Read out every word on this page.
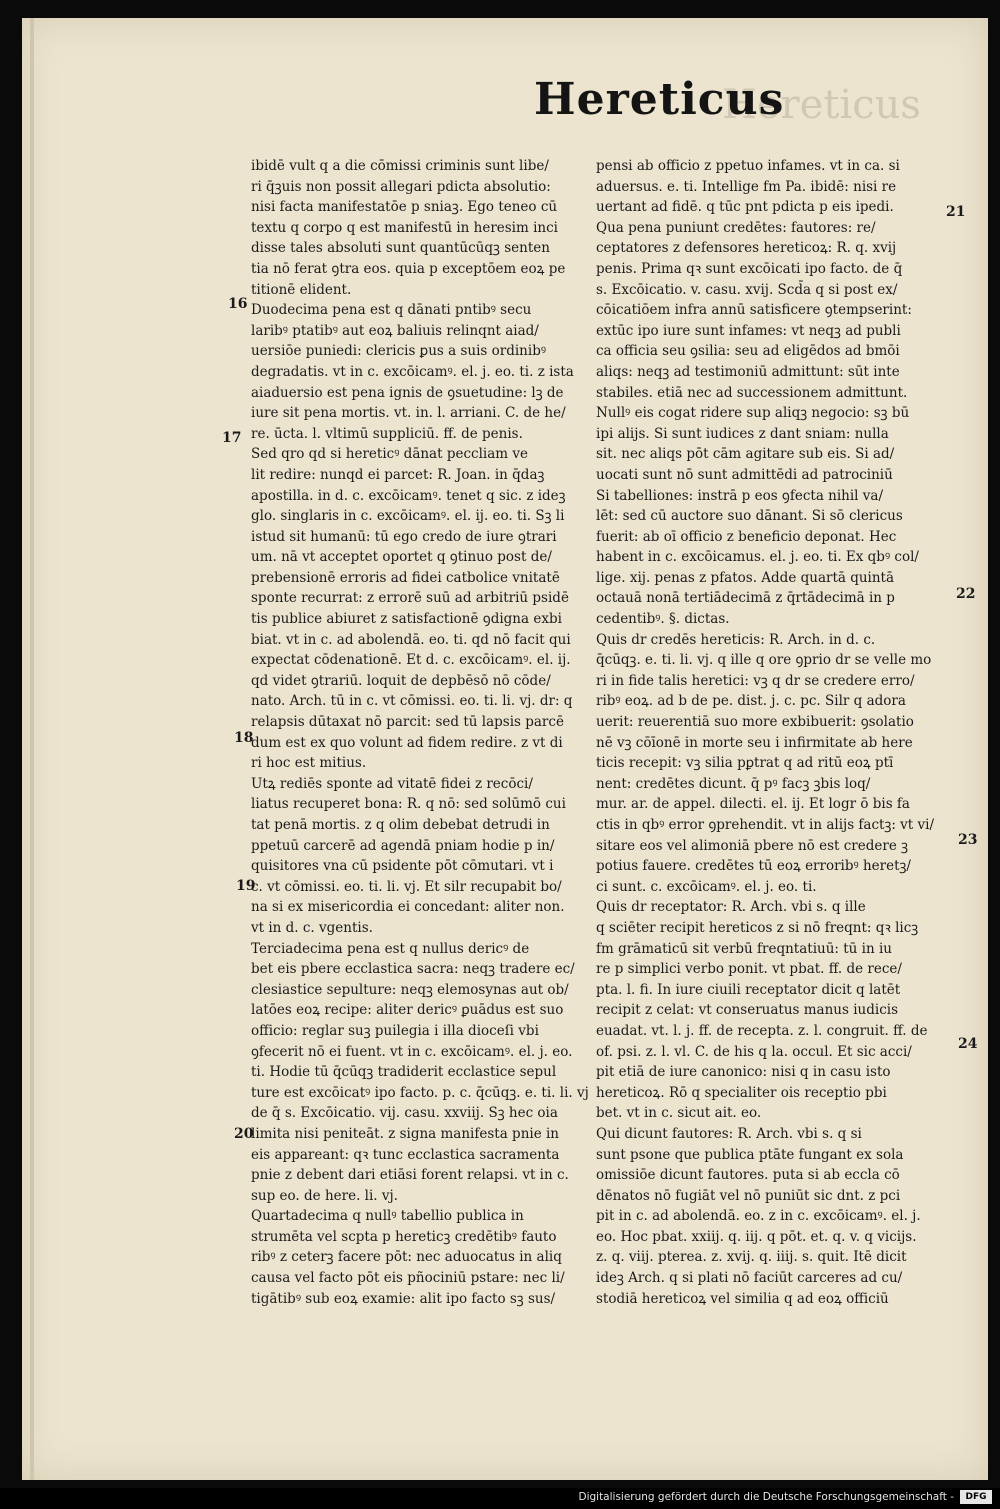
Hereticus
Hereticus
ibidē vult q a die cōmissi criminis sunt libe/
ri q̄ꝫuis non possit allegari pdicta absolutio:
nisi facta manifestatōe p sniaꝫ. Ego teneo cū
textu q corpo q est manifestū in heresim inci
disse tales absoluti sunt quantūcūqꝫ senten
tia nō ferat ꝯtra eos. quia p exceptōem eoꝝ pe
titionē elident.
Duodecima pena est q dānati pntibꝰ secu
laribꝰ ptatibꝰ aut eoꝝ baliuis relinqnt aiad/
uersiōe puniedi: clericis ꝑus a suis ordinibꝰ
degradatis. vt in c. excōicamꝰ. el. j. eo. ti. z ista
aiaduersio est pena ignis de ꝯsuetudine: lꝫ de
iure sit pena mortis. vt. in. l. arriani. C. de he/
re. ūcta. l. vltimū suppliciū. ff. de penis.
Sed qro qd si hereticꝰ dānat peccliam ve
lit redire: nunqd ei parcet: R. Joan. in q̄daꝫ
apostilla. in d. c. excōicamꝰ. tenet q sic. z ideꝫ
glo. singlaris in c. excōicamꝰ. el. ij. eo. ti. Sꝫ li
istud sit humanū: tū ego credo de iure ꝯtrari
um. nā vt acceptet oportet q ꝯtinuo post de/
prebensionē erroris ad fidei catbolice vnitatē
sponte recurrat: z errorē suū ad arbitriū psidē
tis publice abiuret z satisfactionē ꝯdigna exbi
biat. vt in c. ad abolendā. eo. ti. qd nō facit qui
expectat cōdenationē. Et d. c. excōicamꝰ. el. ij.
qd videt ꝯtrariū. loquit de depbēsō nō cōde/
nato. Arch. tū in c. vt cōmissi. eo. ti. li. vj. dr: q
relapsis dūtaxat nō parcit: sed tū lapsis parcē
dum est ex quo volunt ad fidem redire. z vt di
ri hoc est mitius.
Utꝝ rediēs sponte ad vitatē fidei z recōci/
liatus recuperet bona: R. q nō: sed solūmō cui
tat penā mortis. z q olim debebat detrudi in
ppetuū carcerē ad agendā pniam hodie p in/
quisitores vna cū psidente pōt cōmutari. vt i
c. vt cōmissi. eo. ti. li. vj. Et silr recupabit bo/
na si ex misericordia ei concedant: aliter non.
vt in d. c. vgentis.
Terciadecima pena est q nullus dericꝰ de
bet eis pbere ecclastica sacra: neqꝫ tradere ec/
clesiastice sepulture: neqꝫ elemosynas aut ob/
latōes eoꝝ recipe: aliter dericꝰ ꝑuādus est suo
officio: reglar suꝫ puilegia i illa dioceſi vbi
ꝯfecerit nō ei fuent. vt in c. excōicamꝰ. el. j. eo.
ti. Hodie tū q̄cūqꝫ tradiderit ecclastice sepul
ture est excōicatꝰ ipo facto. p. c. q̄cūqꝫ. e. ti. li. vj
de q̄ s. Excōicatio. vij. casu. xxviij. Sꝫ hec oia
limita nisi peniteāt. z signa manifesta pnie in
eis appareant: qꝛ tunc ecclastica sacramenta
pnie z debent dari etiāsi forent relapsi. vt in c.
sup eo. de here. li. vj.
Quartadecima q nullꝰ tabellio publica in
strumēta vel scpta p hereticꝫ credētibꝰ fauto
ribꝰ z ceterꝫ facere pōt: nec aduocatus in aliq
causa vel facto pōt eis pñociniū pstare: nec li/
tigātibꝰ sub eoꝝ examie: alit ipo facto sꝫ sus/
pensi ab officio z ppetuo infames. vt in ca. si
aduersus. e. ti. Intellige fm Pa. ibidē: nisi re
uertant ad fidē. q tūc pnt pdicta p eis ipedi.
Qua pena puniunt credētes: fautores: re/
ceptatores z defensores hereticoꝝ: R. q. xvij
penis. Prima qꝛ sunt excōicati ipo facto. de q̄
s. Excōicatio. v. casu. xvij. Scd̄a q si post ex/
cōicatiōem infra annū satisficere ꝯtempserint:
extūc ipo iure sunt infames: vt neqꝫ ad publi
ca officia seu ꝯsilia: seu ad eligēdos ad bmōi
aliqs: neqꝫ ad testimoniū admittunt: sūt inte
stabiles. etiā nec ad successionem admittunt.
Nullꝰ eis cogat ridere sup aliqꝫ negocio: sꝫ bū
ipi alijs. Si sunt iudices z dant sniam: nulla
sit. nec aliqs pōt cām agitare sub eis. Si ad/
uocati sunt nō sunt admittēdi ad patrociniū
Si tabelliones: instrā p eos ꝯfecta nihil va/
lēt: sed cū auctore suo dānant. Si sō clericus
fuerit: ab oī officio z beneficio deponat. Hec
habent in c. excōicamus. el. j. eo. ti. Ex qbꝰ col/
lige. xij. penas z pfatos. Adde quartā quintā
octauā nonā tertiādecimā z q̄rtādecimā in p
cedentibꝰ. §. dictas.
Quis dr credēs hereticis: R. Arch. in d. c.
q̄cūqꝫ. e. ti. li. vj. q ille q ore ꝯprio dr se velle mo
ri in fide talis heretici: vꝫ q dr se credere erro/
ribꝰ eoꝝ. ad b de pe. dist. j. c. pc. Silr q adora
uerit: reuerentiā suo more exbibuerit: ꝯsolatio
nē vꝫ cōīonē in morte seu i infirmitate ab here
ticis recepit: vꝫ silia pꝑtrat q ad ritū eoꝝ ptī
nent: credētes dicunt. q̄ pꝰ facꝫ ꝫbis loq/
mur. ar. de appel. dilecti. el. ij. Et logr ō bis fa
ctis in qbꝰ error ꝯprehendit. vt in alijs factꝫ: vt vi/
sitare eos vel alimoniā pbere nō est credere ꝫ
potius fauere. credētes tū eoꝝ erroribꝰ heretꝫ/
ci sunt. c. excōicamꝰ. el. j. eo. ti.
Quis dr receptator: R. Arch. vbi s. q ille
q sciēter recipit hereticos z si nō freqnt: qꝛ licꝫ
fm grāmaticū sit verbū freqntatiuū: tū in iu
re p simplici verbo ponit. vt pbat. ff. de rece/
pta. l. fi. In iure ciuili receptator dicit q latēt
recipit z celat: vt conseruatus manus iudicis
euadat. vt. l. j. ff. de recepta. z. l. congruit. ff. de
of. psi. z. l. vl. C. de his q la. occul. Et sic acci/
pit etiā de iure canonico: nisi q in casu isto
hereticoꝝ. Rō q specialiter ois receptio pbi
bet. vt in c. sicut ait. eo.
Qui dicunt fautores: R. Arch. vbi s. q si
sunt psone que publica ptāte fungant ex sola
omissiōe dicunt fautores. puta si ab eccla cō
dēnatos nō fugiāt vel nō puniūt sic dnt. z pci
pit in c. ad abolendā. eo. z in c. excōicamꝰ. el. j.
eo. Hoc pbat. xxiij. q. iij. q pōt. et. q. v. q vicijs.
z. q. viij. pterea. z. xvij. q. iiij. s. quit. Itē dicit
ideꝫ Arch. q si plati nō faciūt carceres ad cu/
stodiā hereticoꝝ vel similia q ad eoꝝ officiū
16
17
18
19
20
21
22
23
24
Digitalisierung gefördert durch die Deutsche Forschungsgemeinschaft -	DFG
